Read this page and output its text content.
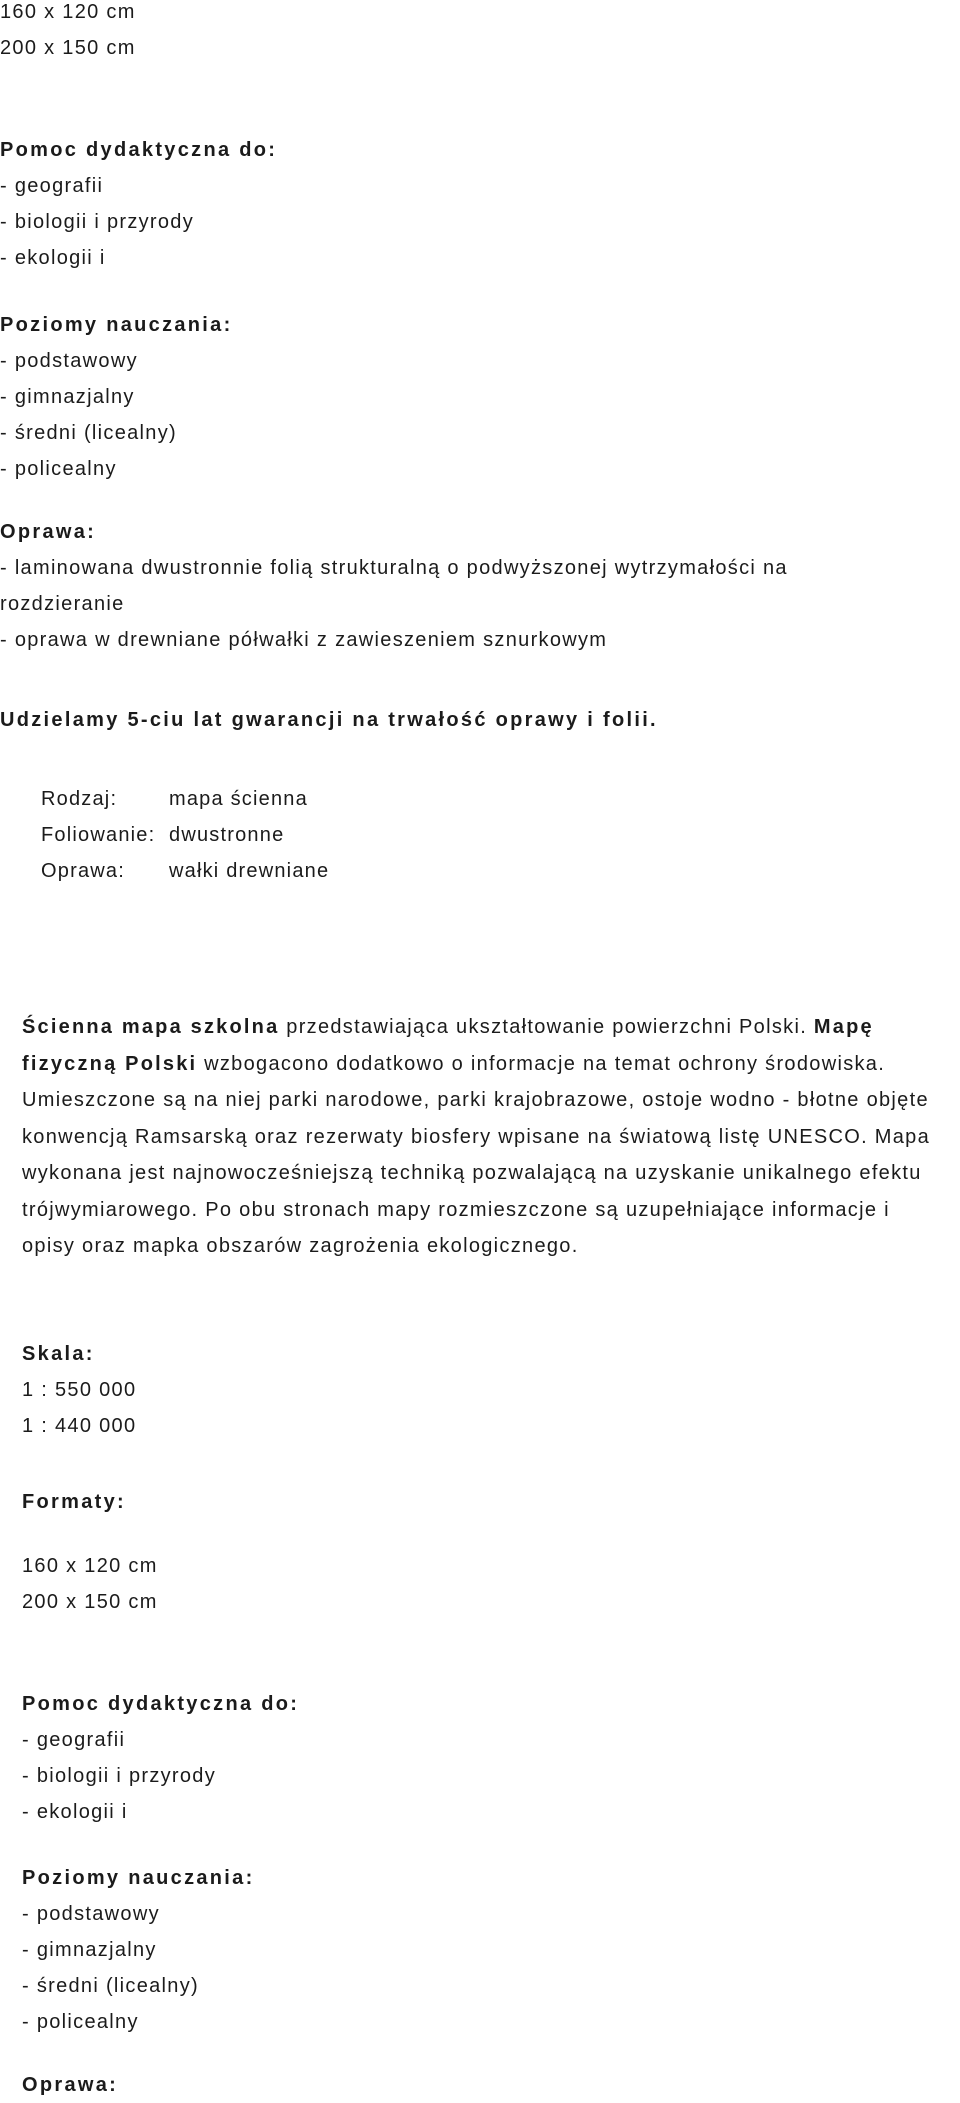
160 x 120 cm
200 x 150 cm
Pomoc dydaktyczna do:
- geografii
- biologii i przyrody
- ekologii i
Poziomy nauczania:
- podstawowy
- gimnazjalny
- średni (licealny)
- policealny
Oprawa:
- laminowana dwustronnie folią strukturalną o podwyższonej wytrzymałości na
rozdzieranie
- oprawa w drewniane półwałki z zawieszeniem sznurkowym
Udzielamy 5-ciu lat gwarancji na trwałość oprawy i folii.
Rodzaj:	mapa ścienna
Foliowanie:	dwustronne
Oprawa:	wałki drewniane
Ścienna mapa szkolna przedstawiająca ukształtowanie powierzchni Polski. Mapę fizyczną Polski wzbogacono dodatkowo o informacje na temat ochrony środowiska. Umieszczone są na niej parki narodowe, parki krajobrazowe, ostoje wodno - błotne objęte konwencją Ramsarską oraz rezerwaty biosfery wpisane na światową listę UNESCO. Mapa wykonana jest najnowocześniejszą techniką pozwalającą na uzyskanie unikalnego efektu trójwymiarowego. Po obu stronach mapy rozmieszczone są uzupełniające informacje i opisy oraz mapka obszarów zagrożenia ekologicznego.
Skala:
1 : 550 000
1 : 440 000
Formaty:
160 x 120 cm
200 x 150 cm
Pomoc dydaktyczna do:
- geografii
- biologii i przyrody
- ekologii i
Poziomy nauczania:
- podstawowy
- gimnazjalny
- średni (licealny)
- policealny
Oprawa:
